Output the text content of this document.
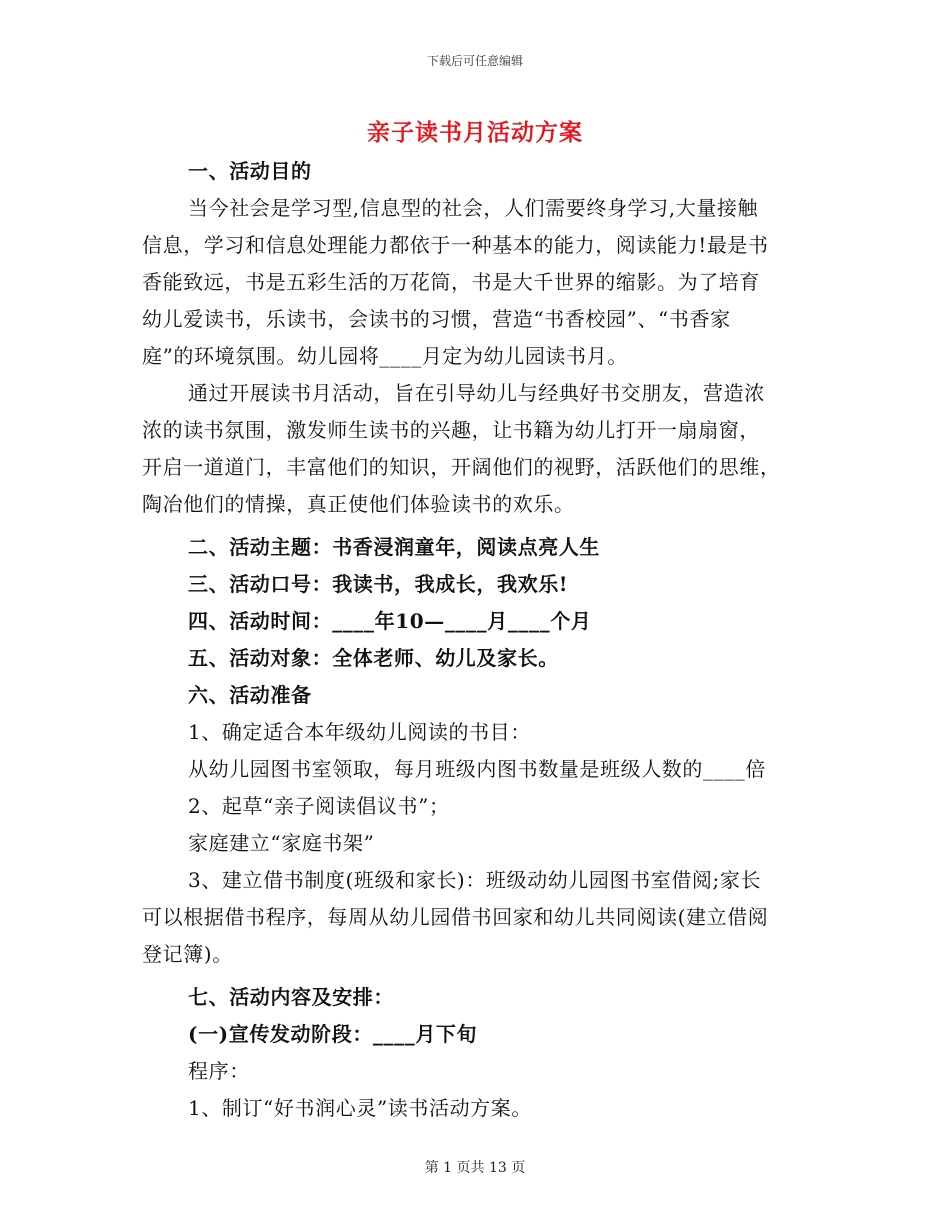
下载后可任意编辑
亲子读书月活动方案
一、活动目的
当今社会是学习型,信息型的社会，人们需要终身学习,大量接触
信息，学习和信息处理能力都依于一种基本的能力，阅读能力!最是书
香能致远，书是五彩生活的万花筒，书是大千世界的缩影。为了培育
幼儿爱读书，乐读书，会读书的习惯，营造“书香校园”、“书香家
庭”的环境氛围。幼儿园将____月定为幼儿园读书月。
通过开展读书月活动，旨在引导幼儿与经典好书交朋友，营造浓
浓的读书氛围，激发师生读书的兴趣，让书籍为幼儿打开一扇扇窗，
开启一道道门，丰富他们的知识，开阔他们的视野，活跃他们的思维，
陶冶他们的情操，真正使他们体验读书的欢乐。
二、活动主题：书香浸润童年，阅读点亮人生
三、活动口号：我读书，我成长，我欢乐!
四、活动时间：____年10—____月____个月
五、活动对象：全体老师、幼儿及家长。
六、活动准备
1、确定适合本年级幼儿阅读的书目：
从幼儿园图书室领取，每月班级内图书数量是班级人数的____倍
2、起草“亲子阅读倡议书”；
家庭建立“家庭书架”
3、建立借书制度(班级和家长)：班级动幼儿园图书室借阅;家长
可以根据借书程序，每周从幼儿园借书回家和幼儿共同阅读(建立借阅
登记簿)。
七、活动内容及安排：
(一)宣传发动阶段：____月下旬
程序：
1、制订“好书润心灵”读书活动方案。
第 1 页共 13 页
